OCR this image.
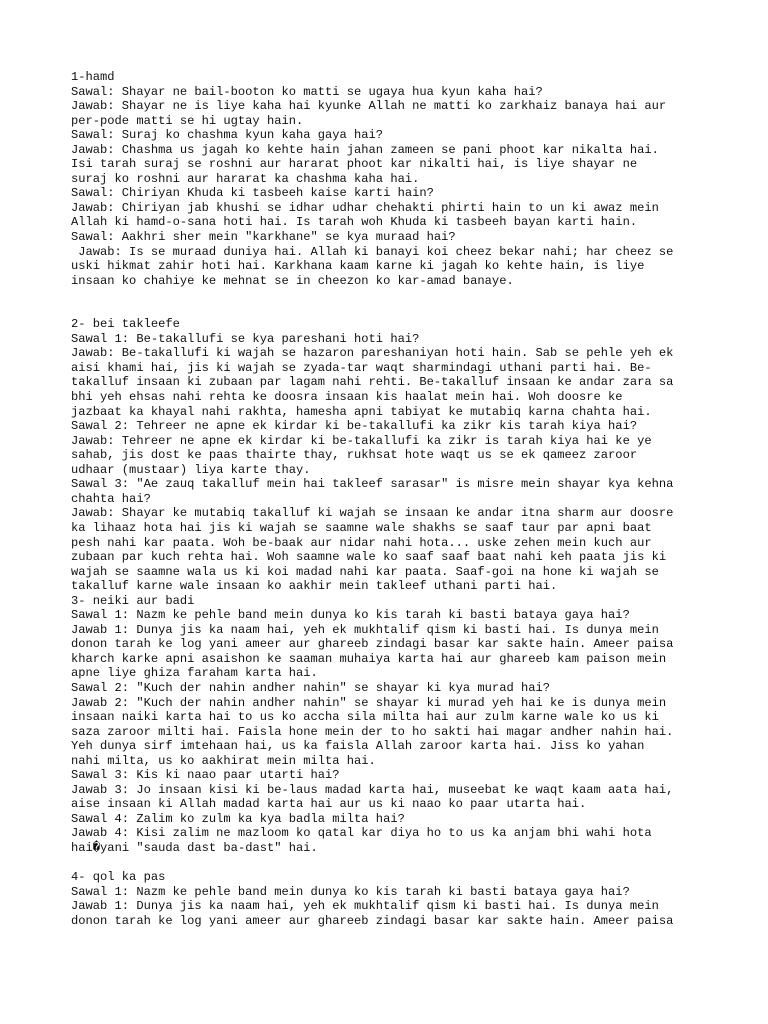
1-hamd
Sawal: Shayar ne bail-booton ko matti se ugaya hua kyun kaha hai?
Jawab: Shayar ne is liye kaha hai kyunke Allah ne matti ko zarkhaiz banaya hai aur
per-pode matti se hi ugtay hain.
Sawal: Suraj ko chashma kyun kaha gaya hai?
Jawab: Chashma us jagah ko kehte hain jahan zameen se pani phoot kar nikalta hai.
Isi tarah suraj se roshni aur hararat phoot kar nikalti hai, is liye shayar ne
suraj ko roshni aur hararat ka chashma kaha hai.
Sawal: Chiriyan Khuda ki tasbeeh kaise karti hain?
Jawab: Chiriyan jab khushi se idhar udhar chehakti phirti hain to un ki awaz mein
Allah ki hamd-o-sana hoti hai. Is tarah woh Khuda ki tasbeeh bayan karti hain.
Sawal: Aakhri sher mein "karkhane" se kya muraad hai?
Jawab: Is se muraad duniya hai. Allah ki banayi koi cheez bekar nahi; har cheez se
uski hikmat zahir hoti hai. Karkhana kaam karne ki jagah ko kehte hain, is liye
insaan ko chahiye ke mehnat se in cheezon ko kar-amad banaye.
2- bei takleefe
Sawal 1: Be-takallufi se kya pareshani hoti hai?
Jawab: Be-takallufi ki wajah se hazaron pareshaniyan hoti hain. Sab se pehle yeh ek
aisi khami hai, jis ki wajah se zyada-tar waqt sharmindagi uthani parti hai. Be-
takalluf insaan ki zubaan par lagam nahi rehti. Be-takalluf insaan ke andar zara sa
bhi yeh ehsas nahi rehta ke doosra insaan kis haalat mein hai. Woh doosre ke
jazbaat ka khayal nahi rakhta, hamesha apni tabiyat ke mutabiq karna chahta hai.
Sawal 2: Tehreer ne apne ek kirdar ki be-takallufi ka zikr kis tarah kiya hai?
Jawab: Tehreer ne apne ek kirdar ki be-takallufi ka zikr is tarah kiya hai ke ye
sahab, jis dost ke paas thairte thay, rukhsat hote waqt us se ek qameez zaroor
udhaar (mustaar) liya karte thay.
Sawal 3: "Ae zauq takalluf mein hai takleef sarasar" is misre mein shayar kya kehna
chahta hai?
Jawab: Shayar ke mutabiq takalluf ki wajah se insaan ke andar itna sharm aur doosre
ka lihaaz hota hai jis ki wajah se saamne wale shakhs se saaf taur par apni baat
pesh nahi kar paata. Woh be-baak aur nidar nahi hota... uske zehen mein kuch aur
zubaan par kuch rehta hai. Woh saamne wale ko saaf saaf baat nahi keh paata jis ki
wajah se saamne wala us ki koi madad nahi kar paata. Saaf-goi na hone ki wajah se
takalluf karne wale insaan ko aakhir mein takleef uthani parti hai.
3- neiki aur badi
Sawal 1: Nazm ke pehle band mein dunya ko kis tarah ki basti bataya gaya hai?
Jawab 1: Dunya jis ka naam hai, yeh ek mukhtalif qism ki basti hai. Is dunya mein
donon tarah ke log yani ameer aur ghareeb zindagi basar kar sakte hain. Ameer paisa
kharch karke apni asaishon ke saaman muhaiya karta hai aur ghareeb kam paison mein
apne liye ghiza faraham karta hai.
Sawal 2: "Kuch der nahin andher nahin" se shayar ki kya murad hai?
Jawab 2: "Kuch der nahin andher nahin" se shayar ki murad yeh hai ke is dunya mein
insaan naiki karta hai to us ko accha sila milta hai aur zulm karne wale ko us ki
saza zaroor milti hai. Faisla hone mein der to ho sakti hai magar andher nahin hai.
Yeh dunya sirf imtehaan hai, us ka faisla Allah zaroor karta hai. Jiss ko yahan
nahi milta, us ko aakhirat mein milta hai.
Sawal 3: Kis ki naao paar utarti hai?
Jawab 3: Jo insaan kisi ki be-laus madad karta hai, museebat ke waqt kaam aata hai,
aise insaan ki Allah madad karta hai aur us ki naao ko paar utarta hai.
Sawal 4: Zalim ko zulm ka kya badla milta hai?
Jawab 4: Kisi zalim ne mazloom ko qatal kar diya ho to us ka anjam bhi wahi hota
hai�yani "sauda dast ba-dast" hai.
4- qol ka pas
Sawal 1: Nazm ke pehle band mein dunya ko kis tarah ki basti bataya gaya hai?
Jawab 1: Dunya jis ka naam hai, yeh ek mukhtalif qism ki basti hai. Is dunya mein
donon tarah ke log yani ameer aur ghareeb zindagi basar kar sakte hain. Ameer paisa
